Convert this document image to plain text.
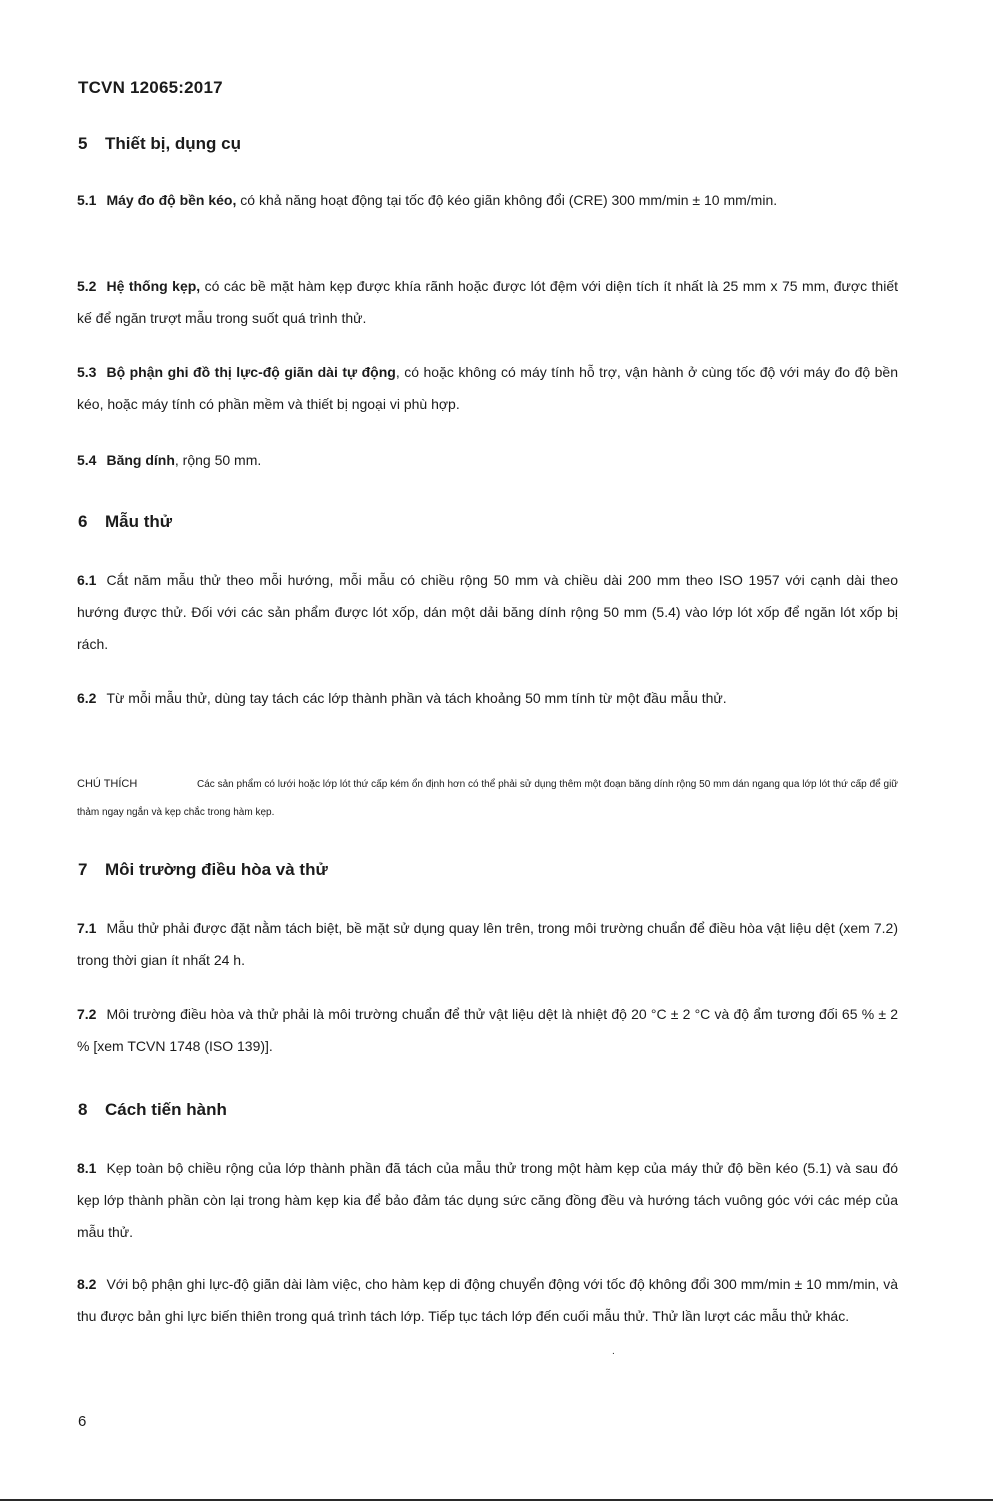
TCVN 12065:2017
5 Thiết bị, dụng cụ
5.1 Máy đo độ bền kéo, có khả năng hoạt động tại tốc độ kéo giãn không đổi (CRE) 300 mm/min ± 10 mm/min.
5.2 Hệ thống kẹp, có các bề mặt hàm kẹp được khía rãnh hoặc được lót đệm với diện tích ít nhất là 25 mm x 75 mm, được thiết kế để ngăn trượt mẫu trong suốt quá trình thử.
5.3 Bộ phận ghi đồ thị lực-độ giãn dài tự động, có hoặc không có máy tính hỗ trợ, vận hành ở cùng tốc độ với máy đo độ bền kéo, hoặc máy tính có phần mềm và thiết bị ngoại vi phù hợp.
5.4 Băng dính, rộng 50 mm.
6 Mẫu thử
6.1 Cắt năm mẫu thử theo mỗi hướng, mỗi mẫu có chiều rộng 50 mm và chiều dài 200 mm theo ISO 1957 với cạnh dài theo hướng được thử. Đối với các sản phẩm được lót xốp, dán một dải băng dính rộng 50 mm (5.4) vào lớp lót xốp để ngăn lót xốp bị rách.
6.2 Từ mỗi mẫu thử, dùng tay tách các lớp thành phần và tách khoảng 50 mm tính từ một đầu mẫu thử.
CHÚ THÍCH	Các sản phẩm có lưới hoặc lớp lót thứ cấp kém ổn định hơn có thể phải sử dụng thêm một đoạn băng dính rộng 50 mm dán ngang qua lớp lót thứ cấp để giữ thảm ngay ngắn và kẹp chắc trong hàm kẹp.
7 Môi trường điều hòa và thử
7.1 Mẫu thử phải được đặt nằm tách biệt, bề mặt sử dụng quay lên trên, trong môi trường chuẩn để điều hòa vật liệu dệt (xem 7.2) trong thời gian ít nhất 24 h.
7.2 Môi trường điều hòa và thử phải là môi trường chuẩn để thử vật liệu dệt là nhiệt độ 20 °C ± 2 °C và độ ẩm tương đối 65 % ± 2 % [xem TCVN 1748 (ISO 139)].
8 Cách tiến hành
8.1 Kẹp toàn bộ chiều rộng của lớp thành phần đã tách của mẫu thử trong một hàm kẹp của máy thử độ bền kéo (5.1) và sau đó kẹp lớp thành phần còn lại trong hàm kẹp kia để bảo đảm tác dụng sức căng đồng đều và hướng tách vuông góc với các mép của mẫu thử.
8.2 Với bộ phận ghi lực-độ giãn dài làm việc, cho hàm kẹp di động chuyển động với tốc độ không đổi 300 mm/min ± 10 mm/min, và thu được bản ghi lực biến thiên trong quá trình tách lớp. Tiếp tục tách lớp đến cuối mẫu thử. Thử lần lượt các mẫu thử khác.
.
6
